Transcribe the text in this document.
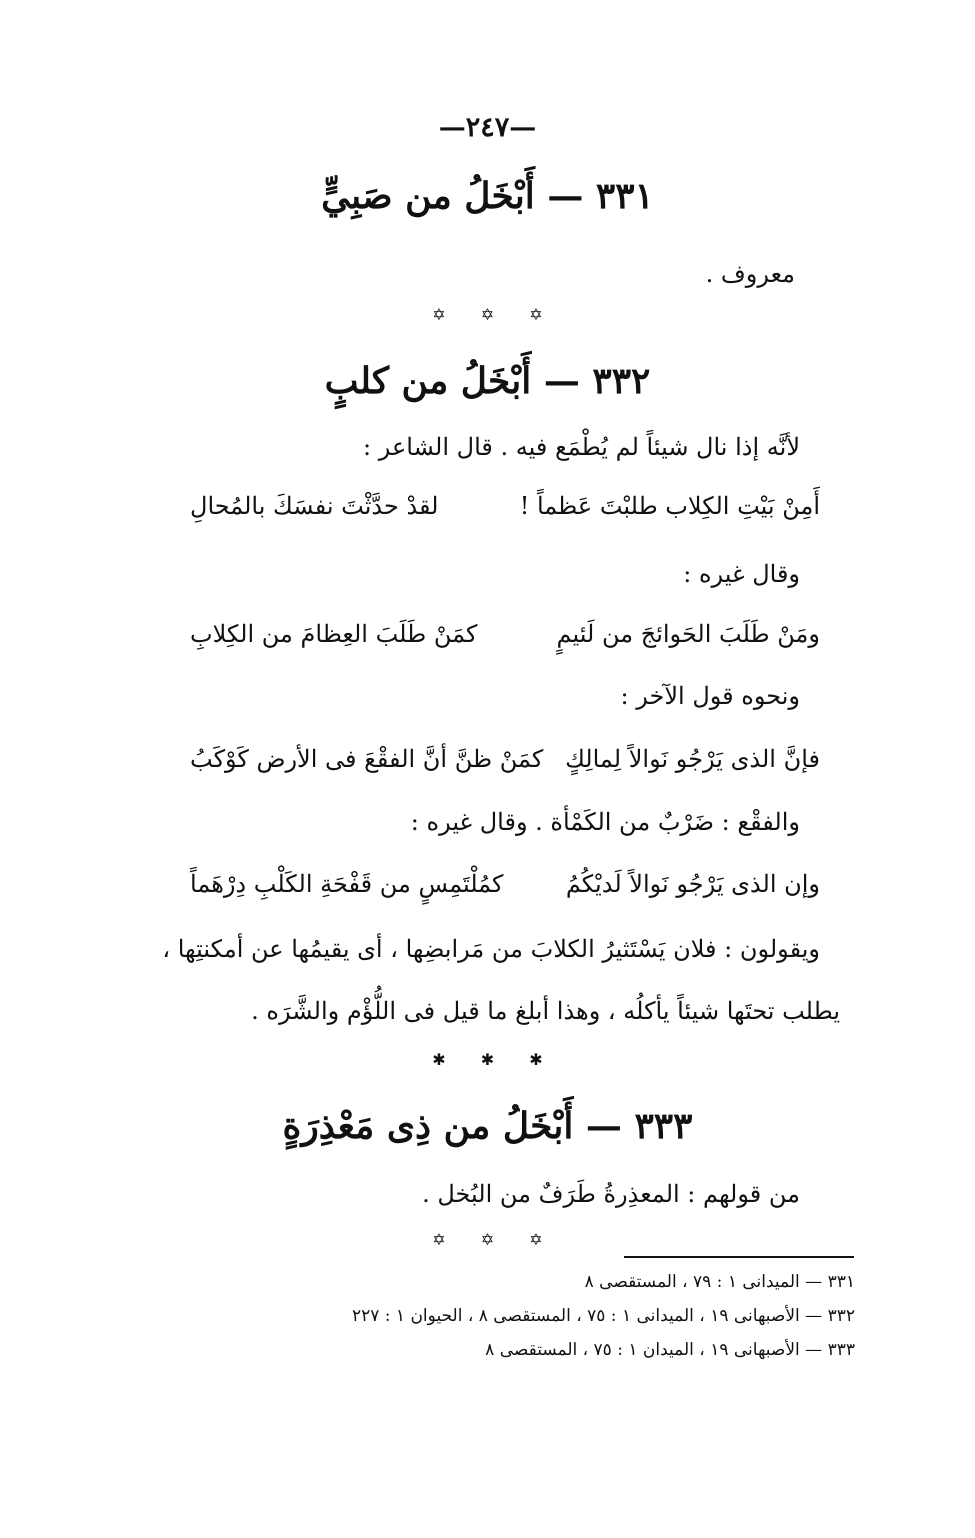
—٢٤٧—
٣٣١ — أَبْخَلُ من صَبِيٍّ
معروف .
✡ ✡ ✡
٣٣٢ — أَبْخَلُ من كلبٍ
لأنَّه إذا نال شيئاً لم يُطْمَع فيه . قال الشاعر :
أَمِنْ بَيْتِ الكِلاب طلبْتَ عَظماً !
لقدْ حدَّثْتَ نفسَكَ بالمُحالِ
وقال غيره :
ومَنْ طَلَبَ الحَوائجَ من لَئيمٍ
كمَنْ طَلَبَ العِظامَ من الكِلابِ
ونحوه قول الآخر :
فإنَّ الذى يَرْجُو نَوالاً لِمالِكٍ
كمَنْ ظنَّ أنَّ الفقْعَ فى الأرض كَوْكَبُ
والفقْع : ضَرْبٌ من الكَمْأة . وقال غيره :
وإن الذى يَرْجُو نَوالاً لَديْكُمُ
كمُلْتَمِسٍ من قَفْحَةِ الكَلْبِ دِرْهَماً
ويقولون : فلان يَسْتَثيرُ الكلابَ من مَرابضِها ، أى يقيمُها عن أمكنتِها ،
يطلب تحتَها شيئاً يأكلُه ، وهذا أبلغ ما قيل فى اللُّؤْم والشَّرَه .
✱ ✱ ✱
٣٣٣ — أَبْخَلُ من ذِى مَعْذِرَةٍ
من قولهم : المعذِرةُ طَرَفٌ من البُخل .
✡ ✡ ✡
٣٣١ — الميدانى ١ : ٧٩ ، المستقصى ٨
٣٣٢ — الأصبهانى ١٩ ، الميدانى ١ : ٧٥ ، المستقصى ٨ ، الحيوان ١ : ٢٢٧
٣٣٣ — الأصبهانى ١٩ ، الميدان ١ : ٧٥ ، المستقصى ٨
